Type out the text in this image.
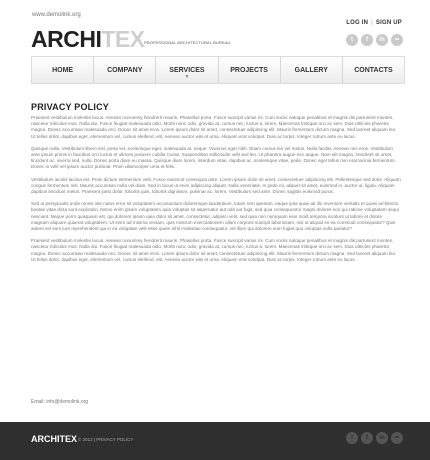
www.demolink.org
LOG IN | SIGN UP
ARCHITEX PROFESSIONAL ARCHITECTURAL BUREAU	t	f	in	••
HOME	COMPANY	SERVICES
▼
PROJECTS	GALLERY	CONTACTS
PRIVACY POLICY

Praesent vestibulum molestie lacus. Aenean nonummy hendrerit mauris. Phasellus porta. Fusce suscipit varius mi. Cum sociis natoque penatibus et magnis dis parturient montes, nascetur ridiculus mus. Nulla dui. Fusce feugiat malesuada odio. Morbi nunc odio, gravida at, cursus nec, luctus a, lorem. Maecenas tristique orci ac sem. Duis ultricies pharetra magna. Donec accumsan malesuada orci. Donec sit amet eros. Lorem ipsum dolor sit amet, consectetuer adipiscing elit. Mauris fermentum dictum magna. Sed laoreet aliquam leo. Ut tellus dolor, dapibus eget, elementum vel, cursus eleifend, elit. Aenean auctor wisi et urna. Aliquam erat volutpat. Duis ac turpis. Integer rutrum ante eu lacus.

Quisque nulla. Vestibulum libero nisl, porta vel, scelerisque eget, malesuada at, neque. Vivamus eget nibh. Etiam cursus leo vel metus. Nulla facilisi. Aenean nec eros. Vestibulum ante ipsum primis in faucibus orci luctus et ultrices posuere cubilia Curae; Suspendisse sollicitudin velit sed leo. Ut pharetra augue nec augue. Nam elit magna, hendrerit sit amet, tincidunt ac, viverra sed, nulla. Donec porta diam eu massa. Quisque diam lorem, interdum vitae, dapibus ac, scelerisque vitae, pede. Donec eget tellus non erat lacinia fermentum. Donec in velit vel ipsum auctor pulvinar. Proin ullamcorper urna et felis.

Vestibulum iaculis lacinia est. Proin dictum elementum velit. Fusce euismod consequat ante. Lorem ipsum dolor sit amet, consectetuer adipiscing elit. Pellentesque sed dolor. Aliquam congue fermentum nisl. Mauris accumsan nulla vel diam. Sed in lacus ut enim adipiscing aliquet. Nulla venenatis. In pede mi, aliquet sit amet, euismod in, auctor ut, ligula. Aliquam dapibus tincidunt metus. Praesent justo dolor, lobortis quis, lobortis dignissim, pulvinar ac, lorem. Vestibulum sed ante. Donec sagittis euismod purus.

Sed ut perspiciatis unde omnis iste natus error sit voluptatem accusantium doloremque laudantium, totam rem aperiam, eaque ipsa quae ab illo inventore veritatis et quasi architecto beatae vitae dicta sunt explicabo. Nemo enim ipsam voluptatem quia voluptas sit aspernatur aut odit aut fugit, sed quia consequuntur magni dolores eos qui ratione voluptatem sequi nesciunt. Neque porro quisquam est, qui dolorem ipsum quia dolor sit amet, consectetur, adipisci velit, sed quia non numquam eius modi tempora incidunt ut labore et dolore magnam aliquam quaerat voluptatem. Ut enim ad minima veniam, quis nostrum exercitationem ullam corporis suscipit laboriosam, nisi ut aliquid ex ea commodi consequatur? Quis autem vel eum iure reprehenderit qui in ea voluptate velit esse quam nihil molestiae consequatur, vel illum qui dolorem eum fugiat quo voluptas nulla pariatur?

Praesent vestibulum molestie lacus. Aenean nonummy hendrerit mauris. Phasellus porta. Fusce suscipit varius mi. Cum sociis natoque penatibus et magnis dis parturient montes, nascetur ridiculus mus. Nulla dui. Fusce feugiat malesuada odio. Morbi nunc odio, gravida at, cursus nec, luctus a, lorem. Maecenas tristique orci ac sem. Duis ultricies pharetra magna. Donec accumsan malesuada orci. Donec sit amet eros. Lorem ipsum dolor sit amet, consectetuer adipiscing elit. Mauris fermentum dictum magna. Sed laoreet aliquam leo. Ut tellus dolor, dapibus eget, elementum vel, cursus eleifend, elit. Aenean auctor wisi et urna. Aliquam erat volutpat. Duis ac turpis. Integer rutrum ante eu lacus.

Email: info@demolink.org
ARCHITEX © 2013 | PRIVACY POLICY	t	f	in	••
